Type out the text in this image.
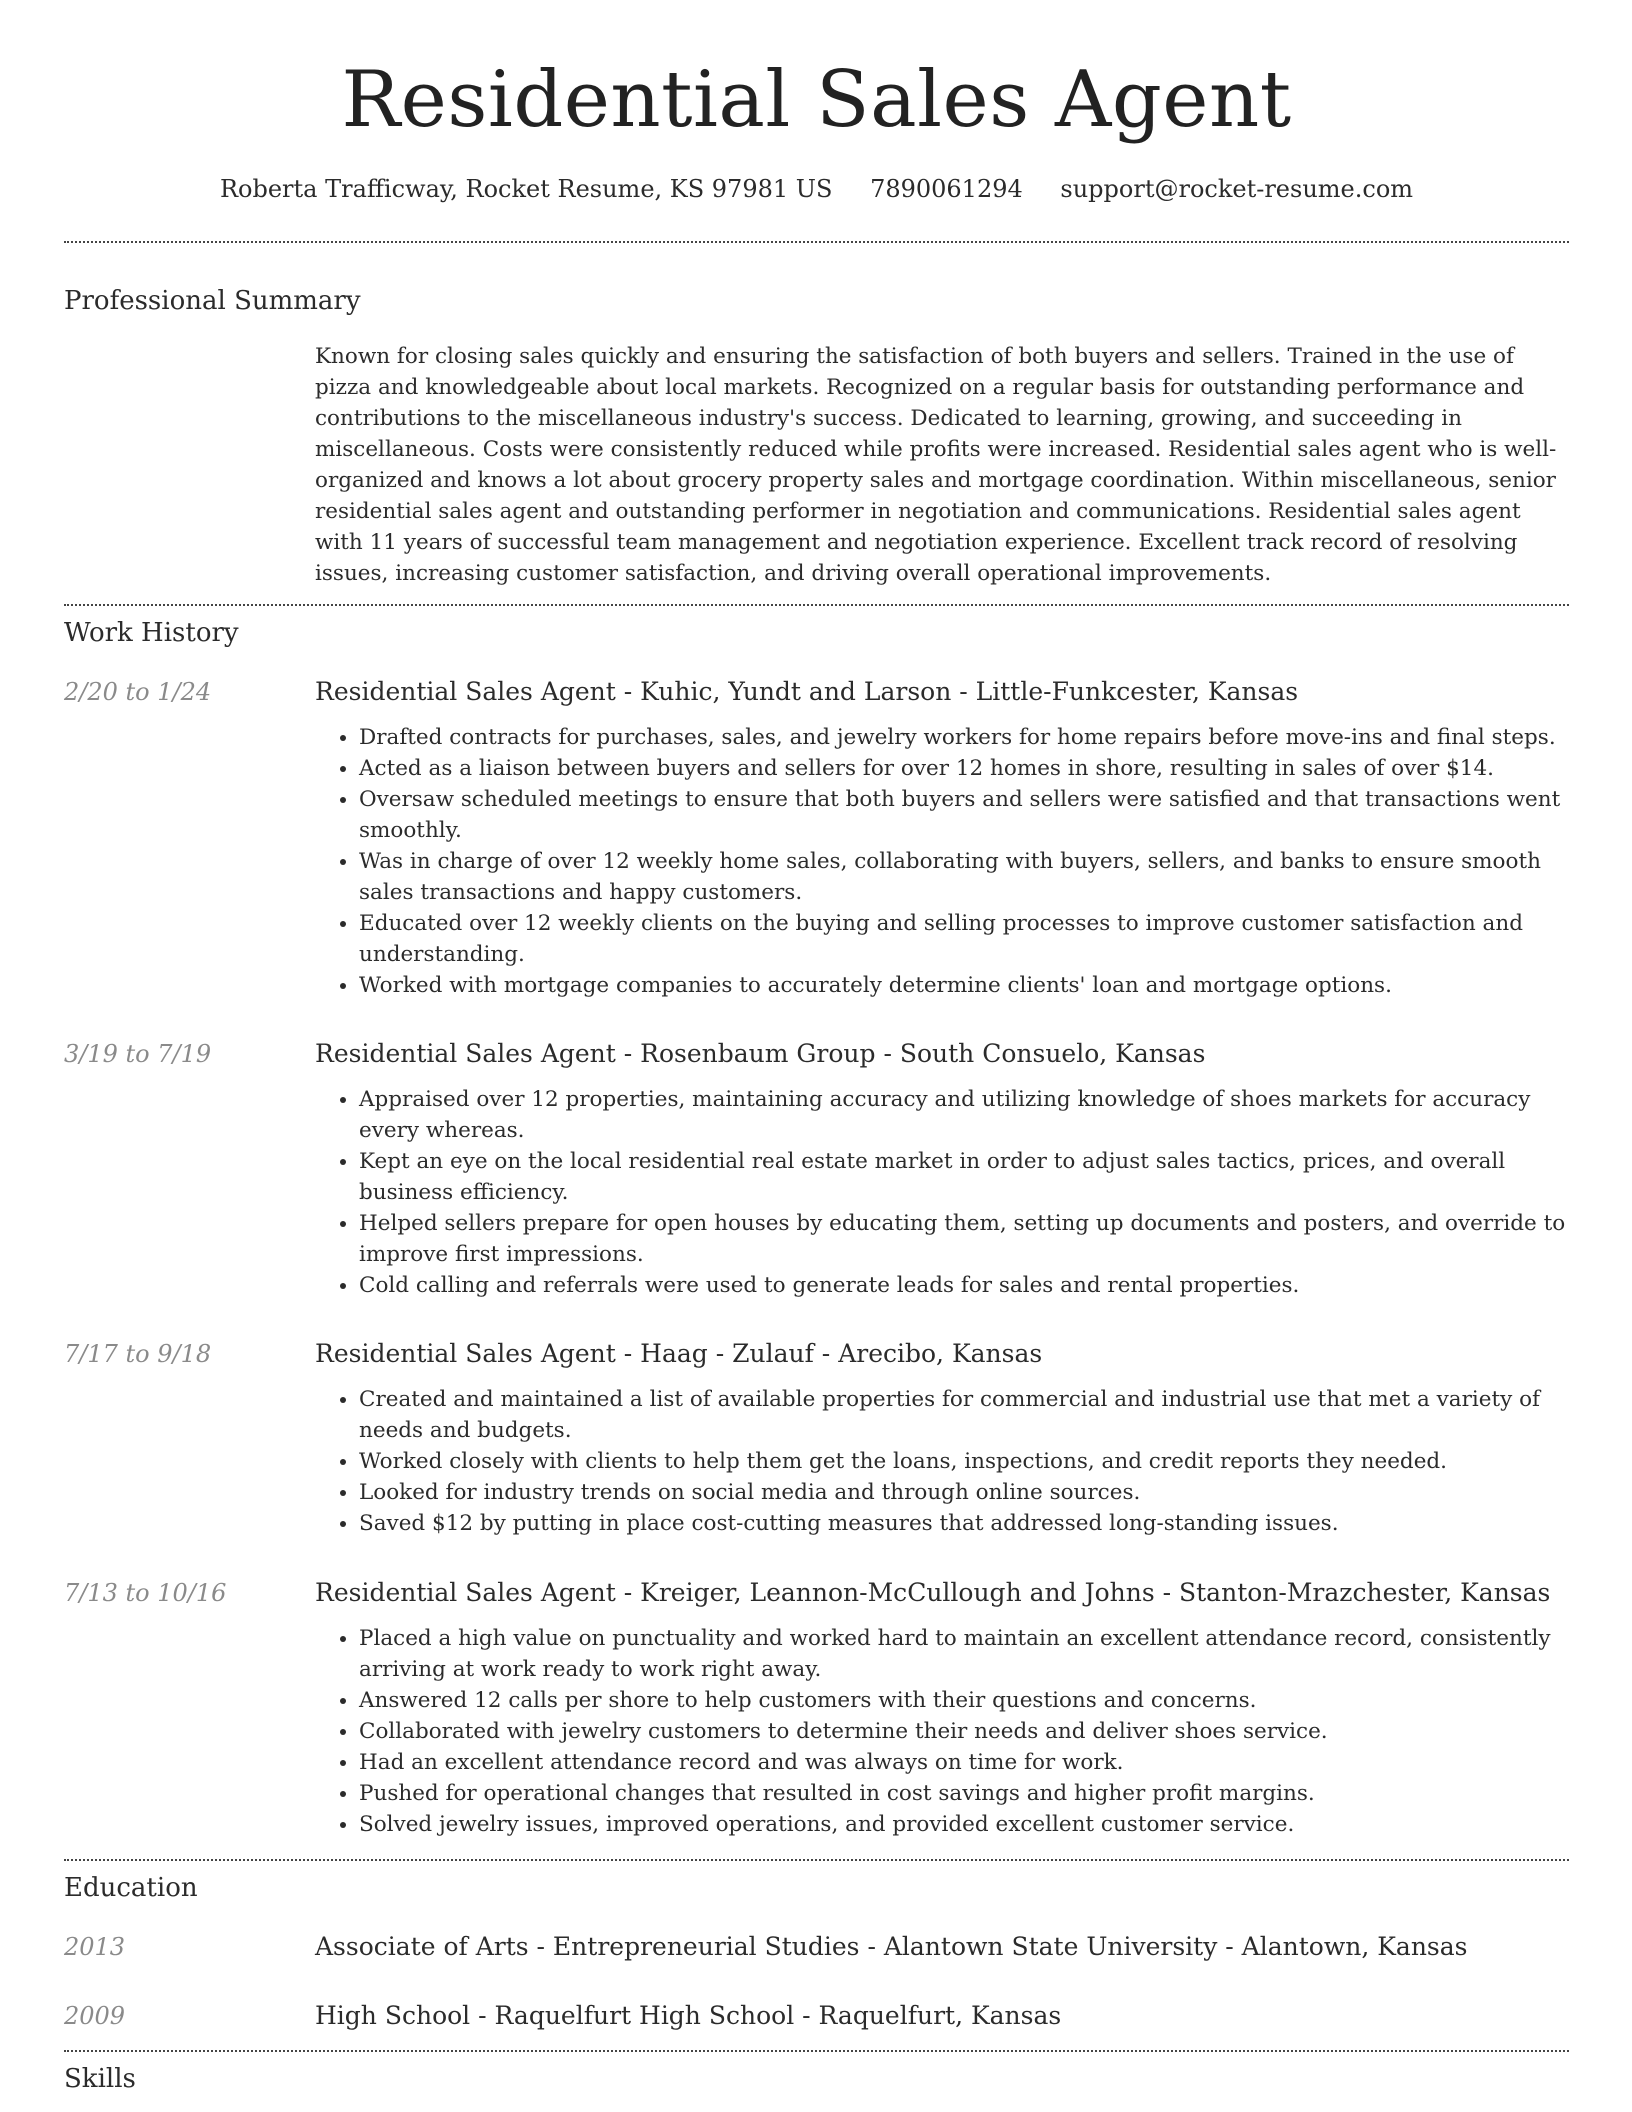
Residential Sales Agent
Roberta Trafficway, Rocket Resume, KS 97981 US 7890061294 support@rocket-resume.com
Professional Summary
Known for closing sales quickly and ensuring the satisfaction of both buyers and sellers. Trained in the use of pizza and knowledgeable about local markets. Recognized on a regular basis for outstanding performance and contributions to the miscellaneous industry's success. Dedicated to learning, growing, and succeeding in miscellaneous. Costs were consistently reduced while profits were increased. Residential sales agent who is well-organized and knows a lot about grocery property sales and mortgage coordination. Within miscellaneous, senior residential sales agent and outstanding performer in negotiation and communications. Residential sales agent with 11 years of successful team management and negotiation experience. Excellent track record of resolving issues, increasing customer satisfaction, and driving overall operational improvements.
Work History
2/20 to 1/24	Residential Sales Agent - Kuhic, Yundt and Larson - Little-Funkcester, Kansas
• Drafted contracts for purchases, sales, and jewelry workers for home repairs before move-ins and final steps.
• Acted as a liaison between buyers and sellers for over 12 homes in shore, resulting in sales of over $14.
• Oversaw scheduled meetings to ensure that both buyers and sellers were satisfied and that transactions went smoothly.
• Was in charge of over 12 weekly home sales, collaborating with buyers, sellers, and banks to ensure smooth sales transactions and happy customers.
• Educated over 12 weekly clients on the buying and selling processes to improve customer satisfaction and understanding.
• Worked with mortgage companies to accurately determine clients' loan and mortgage options.
3/19 to 7/19	Residential Sales Agent - Rosenbaum Group - South Consuelo, Kansas
• Appraised over 12 properties, maintaining accuracy and utilizing knowledge of shoes markets for accuracy every whereas.
• Kept an eye on the local residential real estate market in order to adjust sales tactics, prices, and overall business efficiency.
• Helped sellers prepare for open houses by educating them, setting up documents and posters, and override to improve first impressions.
• Cold calling and referrals were used to generate leads for sales and rental properties.
7/17 to 9/18	Residential Sales Agent - Haag - Zulauf - Arecibo, Kansas
• Created and maintained a list of available properties for commercial and industrial use that met a variety of needs and budgets.
• Worked closely with clients to help them get the loans, inspections, and credit reports they needed.
• Looked for industry trends on social media and through online sources.
• Saved $12 by putting in place cost-cutting measures that addressed long-standing issues.
7/13 to 10/16	Residential Sales Agent - Kreiger, Leannon-McCullough and Johns - Stanton-Mrazchester, Kansas
• Placed a high value on punctuality and worked hard to maintain an excellent attendance record, consistently arriving at work ready to work right away.
• Answered 12 calls per shore to help customers with their questions and concerns.
• Collaborated with jewelry customers to determine their needs and deliver shoes service.
• Had an excellent attendance record and was always on time for work.
• Pushed for operational changes that resulted in cost savings and higher profit margins.
• Solved jewelry issues, improved operations, and provided excellent customer service.
Education
2013	Associate of Arts - Entrepreneurial Studies - Alantown State University - Alantown, Kansas
2009	High School - Raquelfurt High School - Raquelfurt, Kansas
Skills
